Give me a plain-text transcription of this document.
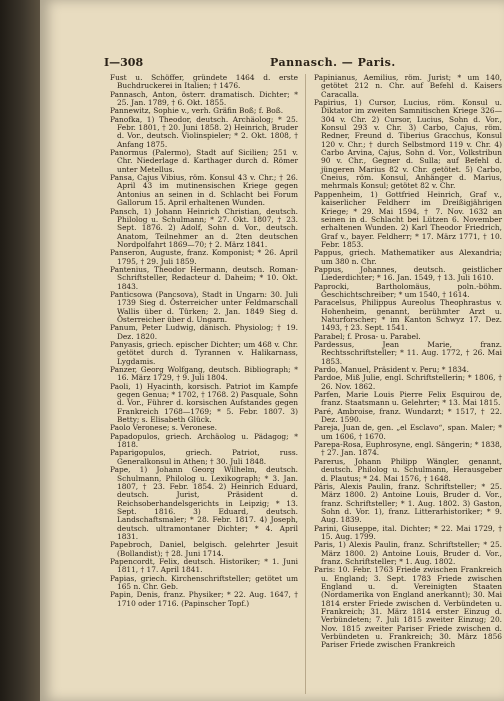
I—308	Pannasch. — Paris.

Fust u. Schöffer, gründete 1464 d. erste Buchdruckerei in Italien; † 1476.

Pannasch, Anton, österr. dramatisch. Dichter; * 25. Jan. 1789, † 6. Okt. 1855.

Pannewitz, Sophie v., verh. Gräfin Boß; f. Boß.

Panofka, 1) Theodor, deutsch. Archäolog; * 25. Febr. 1801, † 20. Juni 1858. 2) Heinrich, Bruder d. Vor., deutsch. Violinspieler; * 2. Okt. 1808, † Anfang 1875.

Panormus (Palermo), Stadt auf Sicilien; 251 v. Chr. Niederlage d. Karthager durch d. Römer unter Metellus.

Pansa, Cajus Vibius, röm. Konsul 43 v. Chr.; † 26. April 43 im mutinensischen Kriege gegen Antonius an seinen in d. Schlacht bei Forum Gallorum 15. April erhaltenen Wunden.

Pansch, 1) Johann Heinrich Christian, deutsch. Philolog u. Schulmann; * 27. Okt. 1807, † 23. Sept. 1876. 2) Adolf, Sohn d. Vor., deutsch. Anatom, Teilnehmer an d. 2ten deutschen Nordpolfahrt 1869—70; † 2. März 1841.

Panseron, Auguste, franz. Komponist; * 26. April 1795, † 29. Juli 1859.

Pantenius, Theodor Hermann, deutsch. Roman-Schriftsteller, Redacteur d. Daheim; * 10. Okt. 1843.

Panticsowa (Pancsova), Stadt in Ungarn: 30. Juli 1739 Sieg d. Österreicher unter Feldmarschall Wallis über d. Türken; 2. Jan. 1849 Sieg d. Österreicher über d. Ungarn.

Panum, Peter Ludwig, dänisch. Physiolog; † 19. Dez. 1820.

Panyasis, griech. epischer Dichter; um 468 v. Chr. getötet durch d. Tyrannen v. Halikarnass, Lygdamis.

Panzer, Georg Wolfgang, deutsch. Bibliograph; * 16. März 1729, † 9. Juli 1804.

Paoli, 1) Hyacinth, korsisch. Patriot im Kampfe gegen Genua; * 1702, † 1768. 2) Pasquale, Sohn d. Vor., Führer d. korsischen Aufstandes gegen Frankreich 1768—1769; * 5. Febr. 1807. 3) Betty; s. Elisabeth Glück.

Paolo Veronese; s. Veronese.

Papadopulos, griech. Archäolog u. Pädagog; * 1818.

Paparigopulos, griech. Patriot, russ. Generalkonsul in Athen; † 30. Juli 1848.

Pape, 1) Johann Georg Wilhelm, deutsch. Schulmann, Philolog u. Lexikograph; * 3. Jan. 1807, † 23. Febr. 1854. 2) Heinrich Eduard, deutsch. Jurist, Präsident d. Reichsoberhandelsgerichts in Leipzig; * 13. Sept. 1816. 3) Eduard, deutsch. Landschaftsmaler; * 28. Febr. 1817. 4) Joseph, deutsch. ultramontaner Dichter; * 4. April 1831.

Papebroch, Daniel, belgisch. gelehrter Jesuit (Bollandist); † 28. Juni 1714.

Papencordt, Felix, deutsch. Historiker; * 1. Juni 1811, † 17. April 1841.

Papias, griech. Kirchenschriftsteller; getötet um 165 n. Chr. Geb.

Papin, Denis, franz. Physiker; * 22. Aug. 1647, † 1710 oder 1716. (Papinscher Topf.)

Papinianus, Aemilius, röm. Jurist; * um 140, getötet 212 n. Chr. auf Befehl d. Kaisers Caracalla.

Papirius, 1) Cursor, Lucius, röm. Konsul u. Diktator im zweiten Samnitischen Kriege 326—304 v. Chr. 2) Cursor, Lucius, Sohn d. Vor., Konsul 293 v. Chr. 3) Carbo, Cajus, röm. Redner, Freund d. Tiberius Gracchus, Konsul 120 v. Chr.; † durch Selbstmord 119 v. Chr. 4) Carbo Arvina, Cajus, Sohn d. Vor., Volkstribun 90 v. Chr., Gegner d. Sulla; auf Befehl d. jüngeren Marius 82 v. Chr. getötet. 5) Carbo, Cneius, röm. Konsul, Anhänger d. Marius, mehrmals Konsul; getötet 82 v. Chr.

Pappenheim, 1) Gottfried Heinrich, Graf v., kaiserlicher Feldherr im Dreißigjährigen Kriege; * 29. Mai 1594, † 7. Nov. 1632 an seinen in d. Schlacht bei Lützen 6. November erhaltenen Wunden. 2) Karl Theodor Friedrich, Graf v., bayer. Feldherr; * 17. März 1771, † 10. Febr. 1853.

Pappus, griech. Mathematiker aus Alexandria; um 380 n. Chr.

Pappus, Johannes, deutsch. geistlicher Liederdichter; * 16. Jan. 1549, † 13. Juli 1610.

Paprocki, Bartholomäus, poln.-böhm. Geschichtschreiber; * um 1540, † 1614.

Paracelsus, Philippus Aureolus Theophrastus v. Hohenheim, genannt, berühmter Arzt u. Naturforscher; * im Kanton Schwyz 17. Dez. 1493, † 23. Sept. 1541.

Parabel; f. Prosa- u. Parabel.

Pardessus, Jean Marie, franz. Rechtsschriftsteller; * 11. Aug. 1772, † 26. Mai 1853.

Pardo, Manuel, Präsident v. Peru; * 1834.

Pardoe, Miß Julie, engl. Schriftstellerin; * 1806, † 26. Nov. 1862.

Parfen, Marie Louis Pierre Felix Esquirou de, franz. Staatsmann u. Gelehrter; * 13. Mai 1815.

Paré, Ambroise, franz. Wundarzt; * 1517, † 22. Dez. 1590.

Pareja, Juan de, gen. „el Esclavo“, span. Maler; * um 1606, † 1670.

Parepa-Rosa, Euphrosyne, engl. Sängerin; * 1838, † 27. Jan. 1874.

Parerus, Johann Philipp Wängler, genannt, deutsch. Philolog u. Schulmann, Herausgeber d. Plautus; * 24. Mai 1576, † 1648.

Pâris, Alexis Paulin, franz. Schriftsteller; * 25. März 1800. 2) Antoine Louis, Bruder d. Vor., franz. Schriftsteller; * 1. Aug. 1802. 3) Gaston, Sohn d. Vor. 1), franz. Litterarhistoriker; * 9. Aug. 1839.

Parini, Giuseppe, ital. Dichter; * 22. Mai 1729, † 15. Aug. 1799.

Paris, 1) Alexis Paulin, franz. Schriftsteller; * 25. März 1800. 2) Antoine Louis, Bruder d. Vor., franz. Schriftsteller; * 1. Aug. 1802.

Paris: 10. Febr. 1763 Friede zwischen Frankreich u. England; 3. Sept. 1783 Friede zwischen England u. d. Vereinigten Staaten (Nordamerika von England anerkannt); 30. Mai 1814 erster Friede zwischen d. Verbündeten u. Frankreich; 31. März 1814 erster Einzug d. Verbündeten; 7. Juli 1815 zweiter Einzug; 20. Nov. 1815 zweiter Pariser Friede zwischen d. Verbündeten u. Frankreich; 30. März 1856 Pariser Friede zwischen Frankreich
